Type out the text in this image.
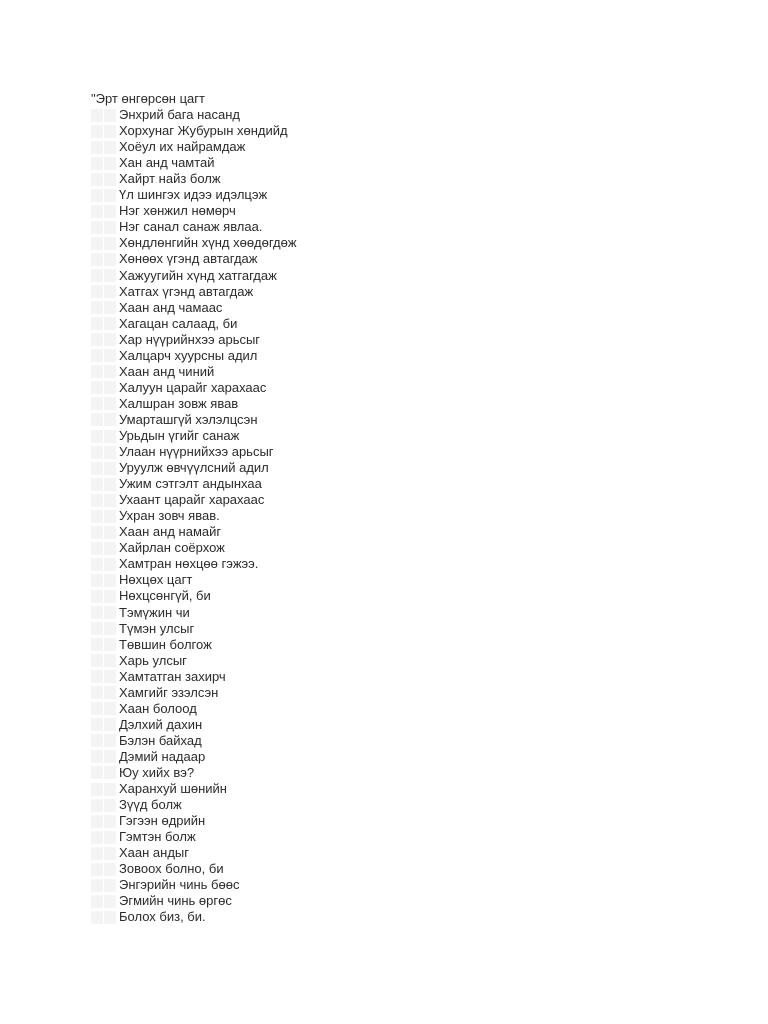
"Эрт өнгөрсөн цагт
Энхрий бага насанд
Хорхунаг Жубурын хөндийд
Хоёул их найрамдаж
Хан анд чамтай
Хайрт найз болж
Үл шингэх идээ идэлцэж
Нэг хөнжил нөмөрч
Нэг санал санаж явлаа.
Хөндлөнгийн хүнд хөөдөгдөж
Хөнөөх үгэнд автагдаж
Хажуугийн хүнд хатгагдаж
Хатгах үгэнд автагдаж
Хаан анд чамаас
Хагацан салаад, би
Хар нүүрийнхээ арьсыг
Халцарч хуурсны адил
Хаан анд чиний
Халуун царайг харахаас
Халшран зовж явав
Умарташгүй хэлэлцсэн
Урьдын үгийг санаж
Улаан нүүрнийхээ арьсыг
Уруулж өвчүүлсний адил
Ужим сэтгэлт андынхаа
Ухаант царайг харахаас
Ухран зовч явав.
Хаан анд намайг
Хайрлан соёрхож
Хамтран нөхцөө гэжээ.
Нөхцөх цагт
Нөхцсөнгүй, би
Тэмүжин чи
Түмэн улсыг
Төвшин болгож
Харь улсыг
Хамтатган захирч
Хамгийг эзэлсэн
Хаан болоод
Дэлхий дахин
Бэлэн байхад
Дэмий надаар
Юу хийх вэ?
Харанхуй шөнийн
Зүүд болж
Гэгээн өдрийн
Гэмтэн болж
Хаан андыг
Зовоох болно, би
Энгэрийн чинь бөөс
Эгмийн чинь өргөс
Болох биз, би.
